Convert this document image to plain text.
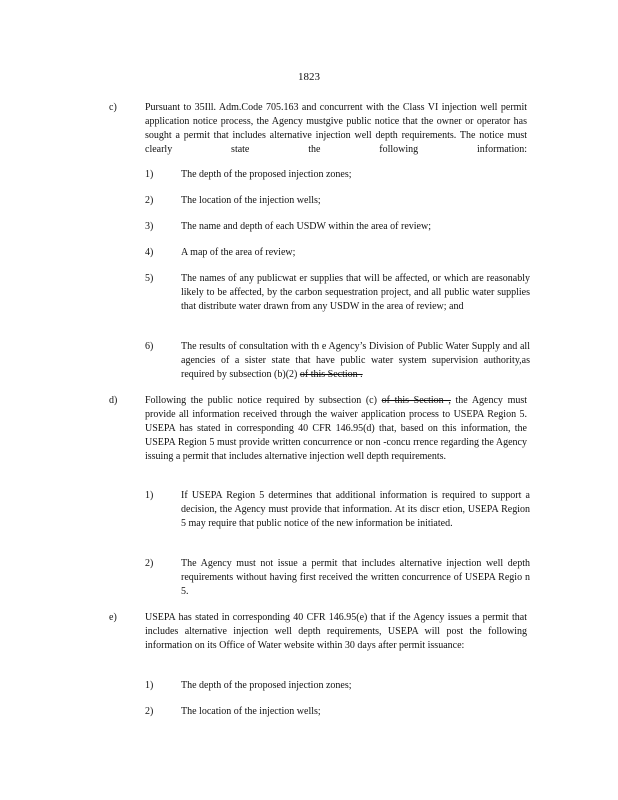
1823
c)	Pursuant to 35Ill. Adm.Code 705.163 and concurrent with the Class VI injection well permit application notice process, the Agency mustgive public notice that the owner or operator has sought a permit that includes alternative injection well depth requirements. The notice must clearly state the following information:
1)	The depth of the proposed injection zones;
2)	The location of the injection wells;
3)	The name and depth of each USDW within the area of review;
4)	A map of the area of review;
5)	The names of any publicwat er supplies that will be affected, or which are reasonably likely to be affected, by the carbon sequestration project, and all public water supplies that distribute water drawn from any USDW in the area of review; and
6)	The results of consultation with th e Agency’s Division of Public Water Supply and all agencies of a sister state that have public water system supervision authority,as required by subsection (b)(2) of this Section .
d)	Following the public notice required by subsection (c) of this Section , the Agency must provide all information received through the waiver application process to USEPA Region 5. USEPA has stated in corresponding 40 CFR 146.95(d) that, based on this information, the USEPA Region 5 must provide written concurrence or non -concu rrence regarding the Agency issuing a permit that includes alternative injection well depth requirements.
1)	If USEPA Region 5 determines that additional information is required to support a decision, the Agency must provide that information. At its discr etion, USEPA Region 5 may require that public notice of the new information be initiated.
2)	The Agency must not issue a permit that includes alternative injection well depth requirements without having first received the written concurrence of USEPA Regio n 5.
e)	USEPA has stated in corresponding 40 CFR 146.95(e) that if the Agency issues a permit that includes alternative injection well depth requirements, USEPA will post the following information on its Office of Water website within 30 days after permit issuance:
1)	The depth of the proposed injection zones;
2)	The location of the injection wells;
